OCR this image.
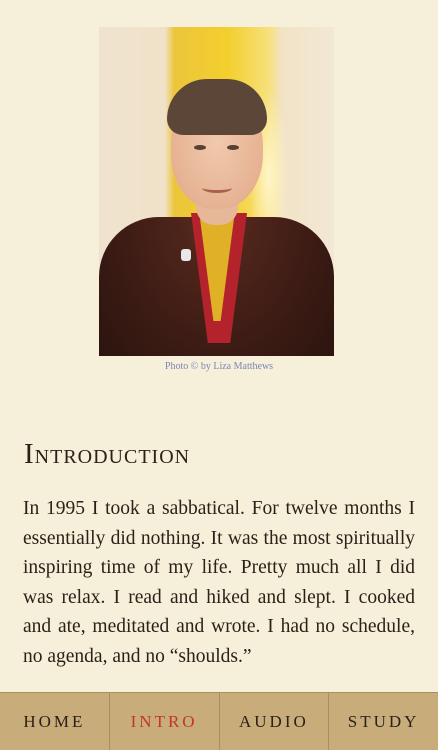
Photo © by Liza Matthews
Introduction

In 1995 I took a sabbatical. For twelve months I essentially did nothing. It was the most spiritually inspiring time of my life. Pretty much all I did was relax. I read and hiked and slept. I cooked and ate, meditated and wrote. I had no schedule, no agenda, and no “shoulds.”

HOME	INTRO	AUDIO	STUDY
